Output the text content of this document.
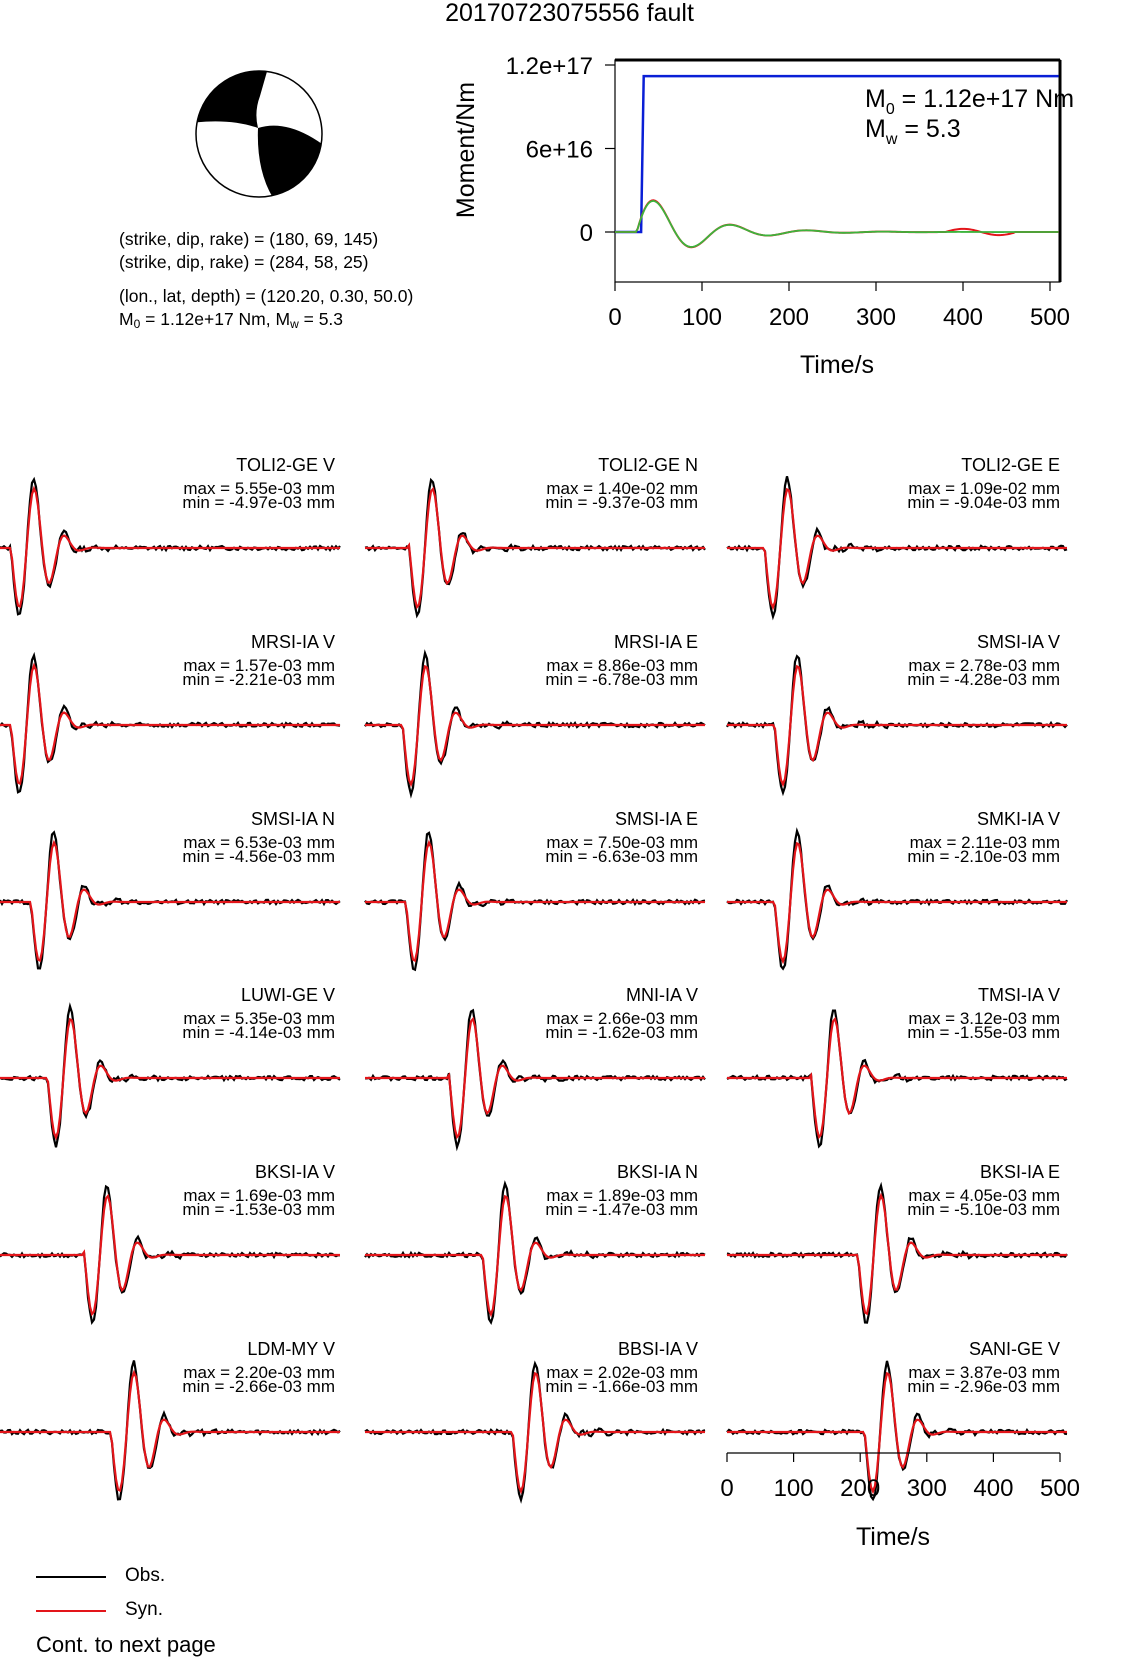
20170723075556 fault
(strike, dip, rake) = (180, 69, 145)
(strike, dip, rake) = (284, 58, 25)
(lon., lat, depth) = (120.20, 0.30, 50.0)
$M_0 = 1.12e+17$ Nm, $M_w = 5.3$
0
6e+16
1.2e+17
0	100 200 300 400 500
Time/s
Moment/Nm	$M_0 = 1.12e+17$ Nm
$M_w = 5.3$
TOLI2-GE V
max = 5.55e-03 mm
min = -4.97e-03 mm
TOLI2-GE N
max = 1.40e-02 mm
min = -9.37e-03 mm
TOLI2-GE E
max = 1.09e-02 mm
min = -9.04e-03 mm
MRSI-IA V
max = 1.57e-03 mm
min = -2.21e-03 mm
MRSI-IA E
max = 8.86e-03 mm
min = -6.78e-03 mm
SMSI-IA V
max = 2.78e-03 mm
min = -4.28e-03 mm
SMSI-IA N
max = 6.53e-03 mm
min = -4.56e-03 mm
SMSI-IA E
max = 7.50e-03 mm
min = -6.63e-03 mm
SMKI-IA V
max = 2.11e-03 mm
min = -2.10e-03 mm
LUWI-GE V
max = 5.35e-03 mm
min = -4.14e-03 mm
MNI-IA V
max = 2.66e-03 mm
min = -1.62e-03 mm
TMSI-IA V
max = 3.12e-03 mm
min = -1.55e-03 mm
BKSI-IA V
max = 1.69e-03 mm
min = -1.53e-03 mm
BKSI-IA N
max = 1.89e-03 mm
min = -1.47e-03 mm
BKSI-IA E
max = 4.05e-03 mm
min = -5.10e-03 mm
LDM-MY V
max = 2.20e-03 mm
min = -2.66e-03 mm
BBSI-IA V
max = 2.02e-03 mm
min = -1.66e-03 mm
SANI-GE V
max = 3.87e-03 mm
min = -2.96e-03 mm
0 100 200 300 400 500
Time/s
Obs.
Syn.
Cont. to next page
